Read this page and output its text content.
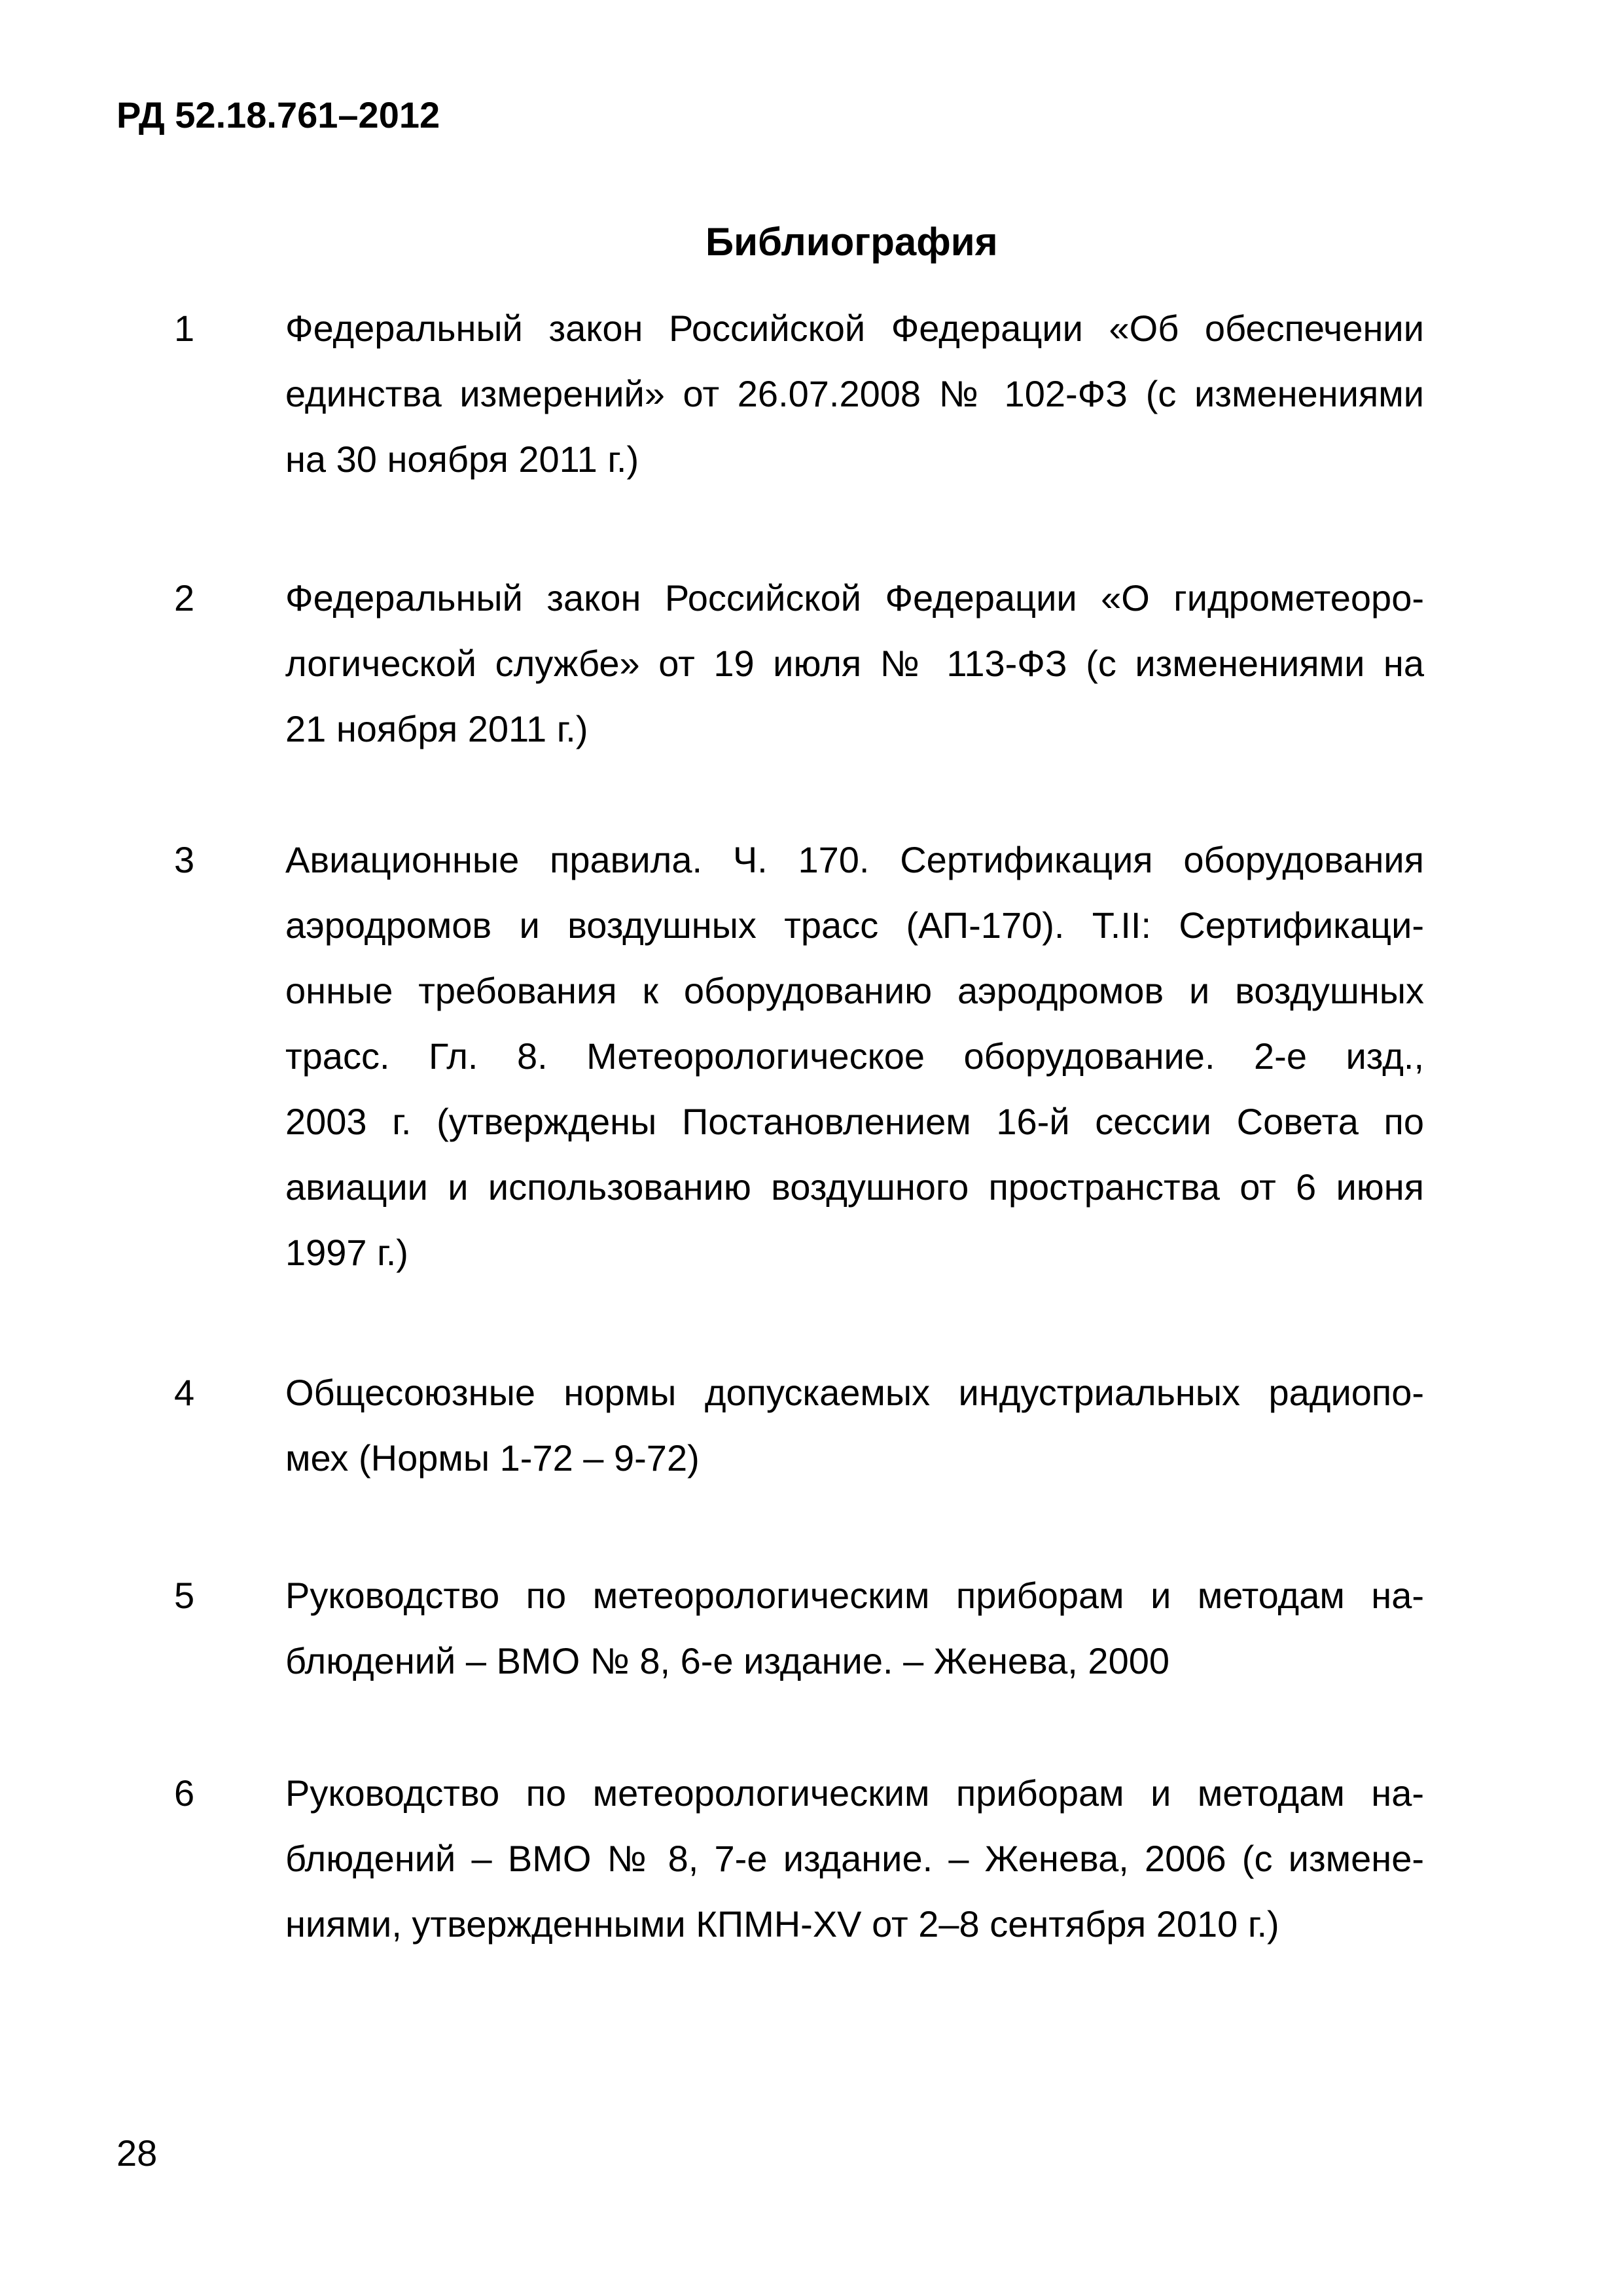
РД 52.18.761–2012
Библиография
1 Федеральный закон Российской Федерации «Об обеспечении
единства измерений» от 26.07.2008 № 102-ФЗ (с изменениями
на 30 ноября 2011 г.)
2 Федеральный закон Российской Федерации «О гидрометеоро-
логической службе» от 19 июля № 113-ФЗ (с изменениями на
21 ноября 2011 г.)
3 Авиационные правила. Ч. 170. Сертификация оборудования
аэродромов и воздушных трасс (АП-170). Т.II: Сертификаци-
онные требования к оборудованию аэродромов и воздушных
трасс. Гл. 8. Метеорологическое оборудование. 2-е изд.,
2003 г. (утверждены Постановлением 16-й сессии Совета по
авиации и использованию воздушного пространства от 6 июня
1997 г.)
4 Общесоюзные нормы допускаемых индустриальных радиопо-
мех (Нормы 1-72 – 9-72)
5 Руководство по метеорологическим приборам и методам на-
блюдений – ВМО № 8, 6-е издание. – Женева, 2000
6 Руководство по метеорологическим приборам и методам на-
блюдений – ВМО № 8, 7-е издание. – Женева, 2006 (с измене-
ниями, утвержденными КПМН-XV от 2–8 сентября 2010 г.)
28
